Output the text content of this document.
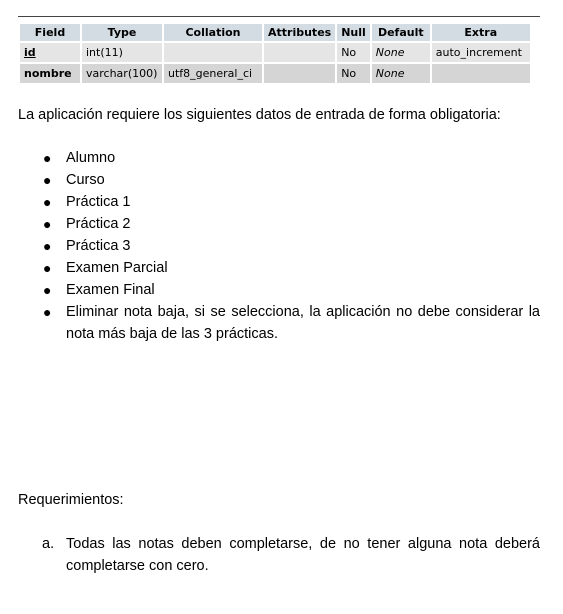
Field	Type	Collation	Attributes	Null	Default	Extra
id	int(11)			No	None	auto_increment
nombre	varchar(100)	utf8_general_ci		No	None	

La aplicación requiere los siguientes datos de entrada de forma obligatoria:

● Alumno
● Curso
● Práctica 1
● Práctica 2
● Práctica 3
● Examen Parcial
● Examen Final
● Eliminar nota baja, si se selecciona, la aplicación no debe considerar la nota más baja de las 3 prácticas.

Requerimientos:

a. Todas las notas deben completarse, de no tener alguna nota deberá completarse con cero.
